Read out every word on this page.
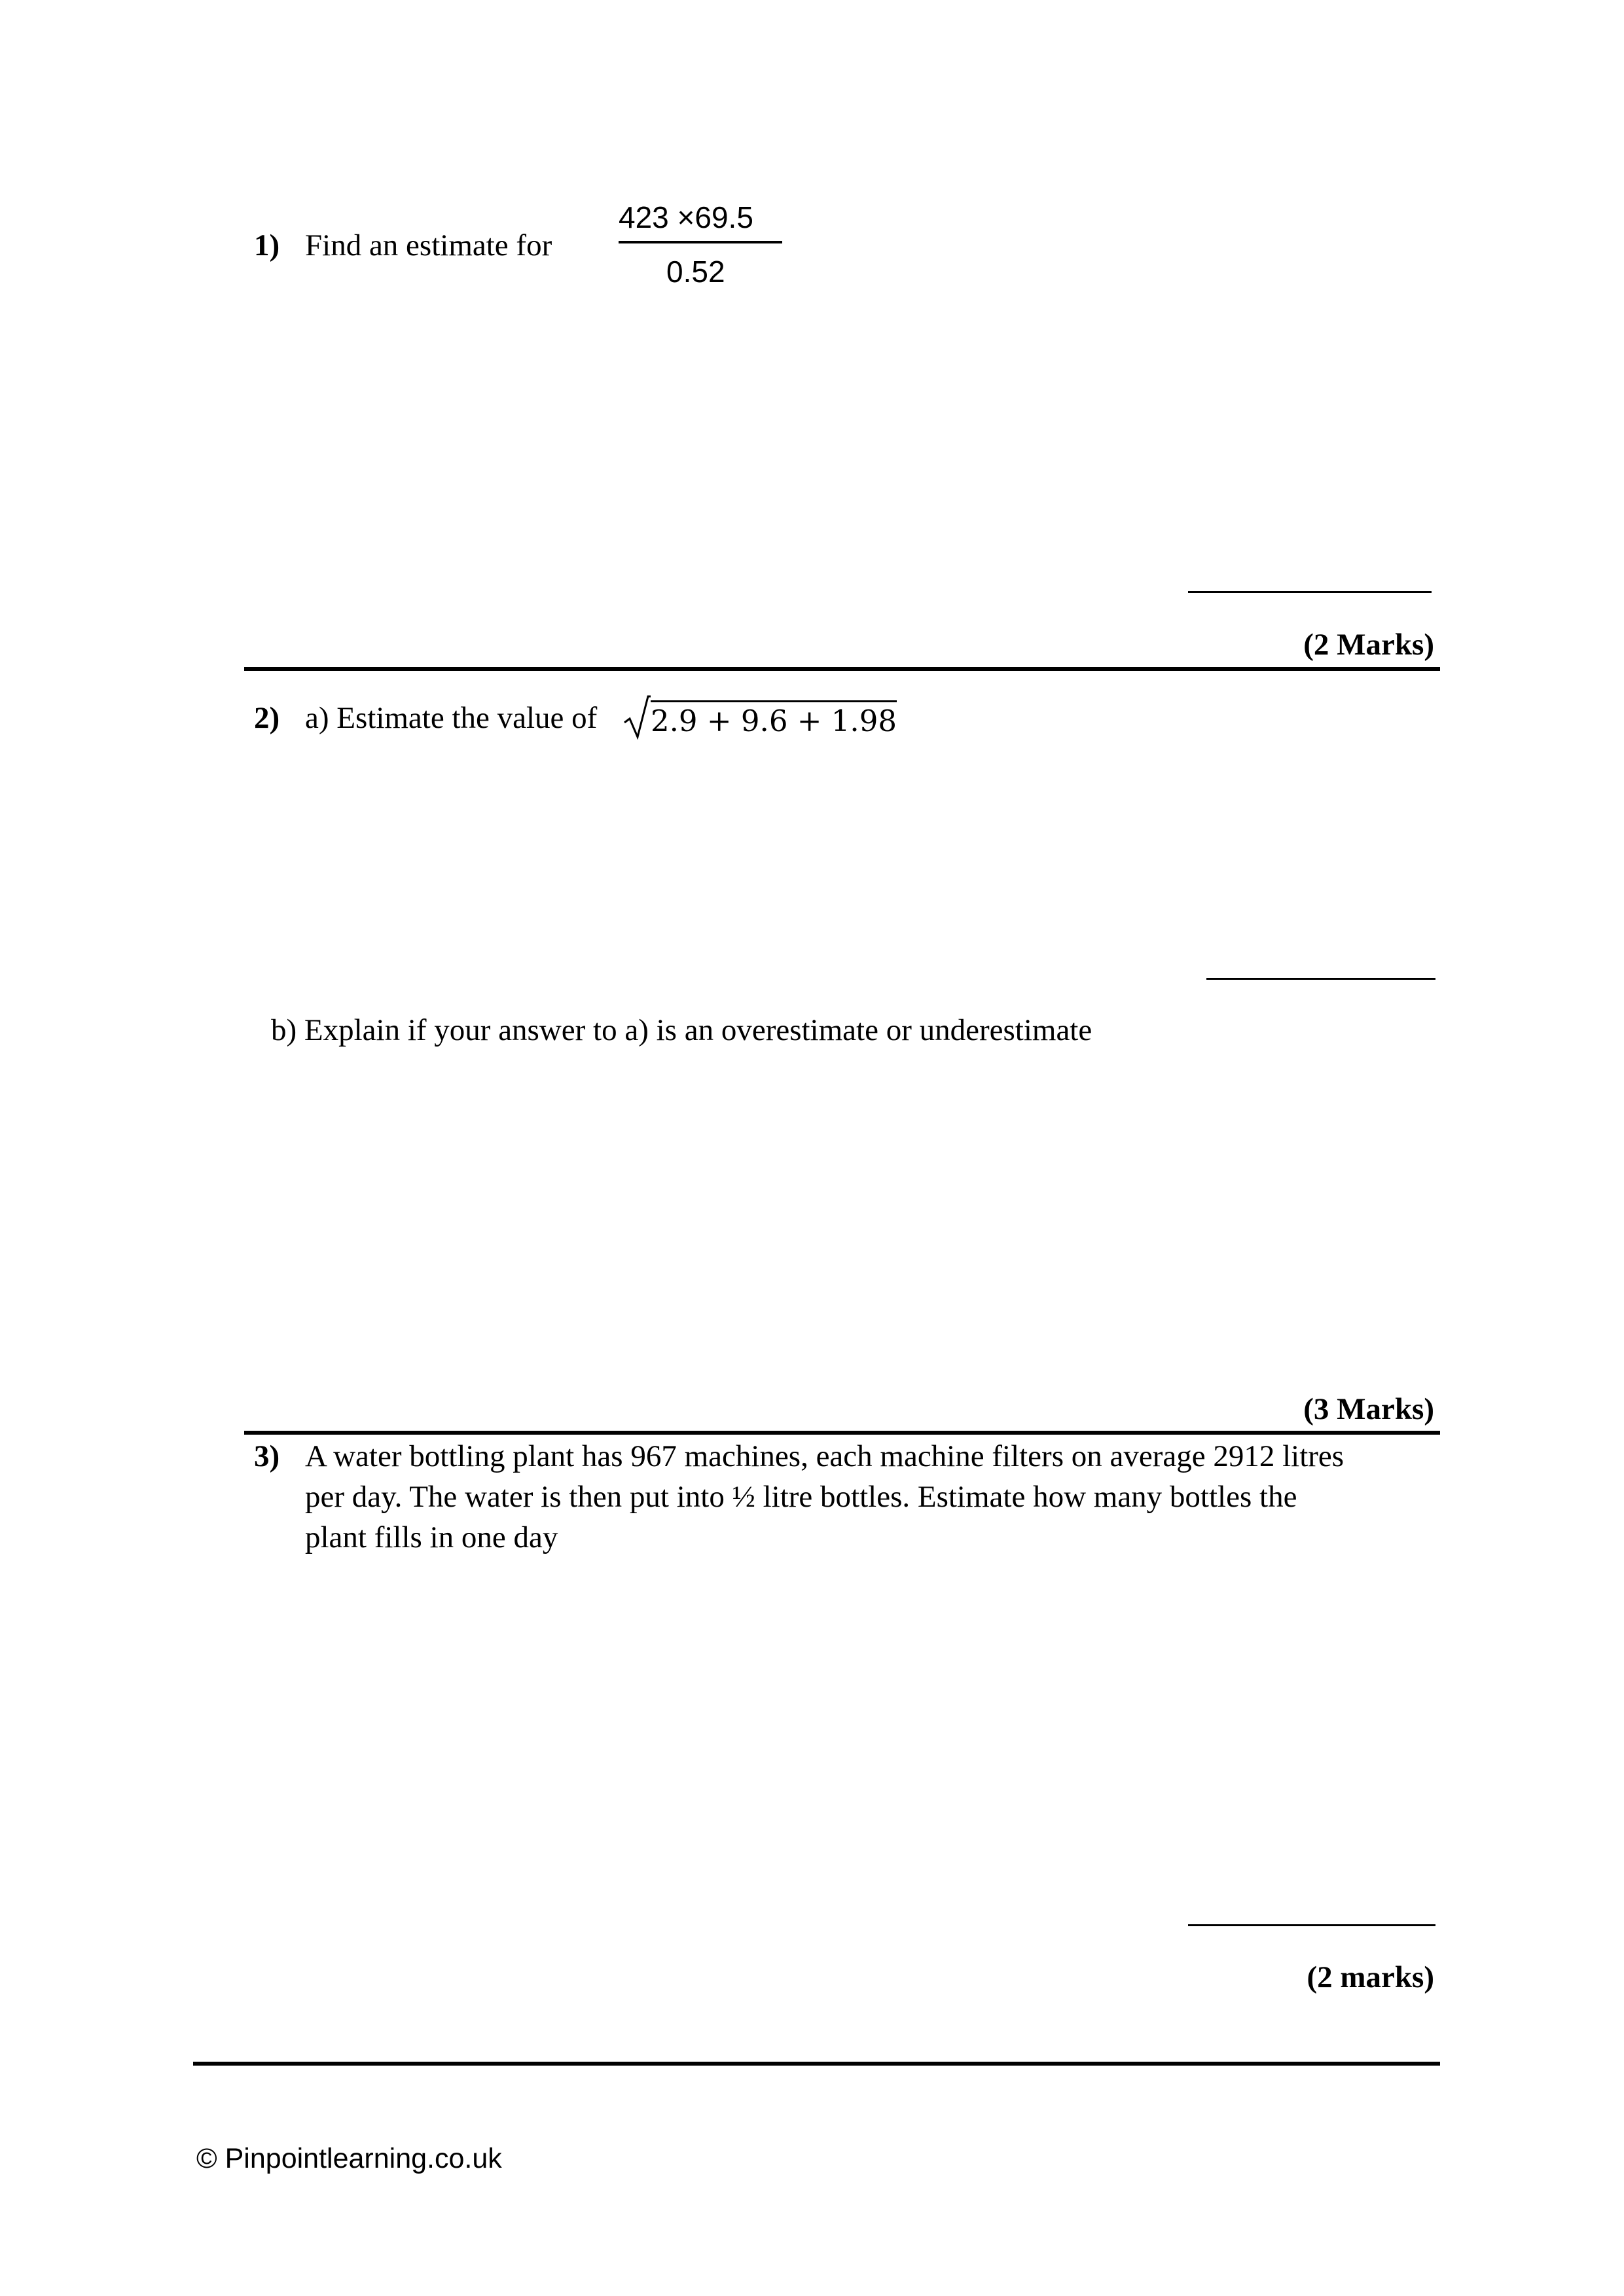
1) Find an estimate for
423 ×69.5
0.52
(2 Marks)
2) a) Estimate the value of 2.9 + 9.6 + 1.98
b) Explain if your answer to a) is an overestimate or underestimate
(3 Marks)
3) A water bottling plant has 967 machines, each machine filters on average 2912 litres
per day. The water is then put into ½ litre bottles. Estimate how many bottles the
plant fills in one day
(2 marks)
© Pinpointlearning.co.uk
